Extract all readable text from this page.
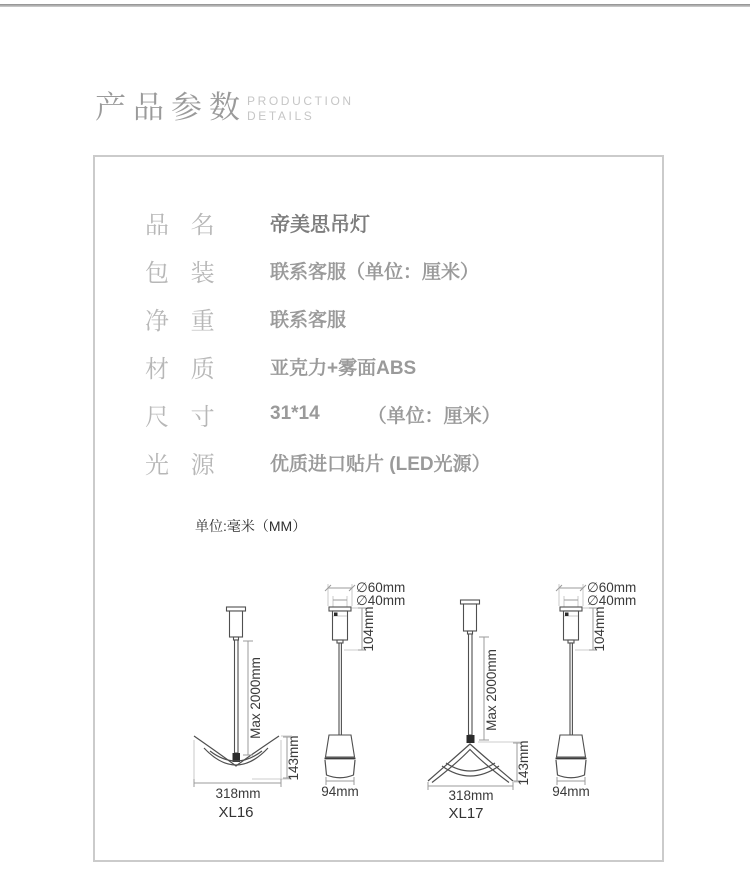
产品参数 PRODUCTION
DETAILS
品 名	帝美思吊灯
包 装	联系客服（单位：厘米）
净 重	联系客服
材 质	亚克力+雾面ABS
尺 寸	31*14	（单位：厘米）
光 源	优质进口贴片 (LED光源）
单位:毫米（MM）
Max 2000mm
143mm
318mm
XL16
∅60mm
∅40mm
104mm
94mm
Max 2000mm
143mm
318mm
XL17
∅60mm
∅40mm
104mm
94mm
